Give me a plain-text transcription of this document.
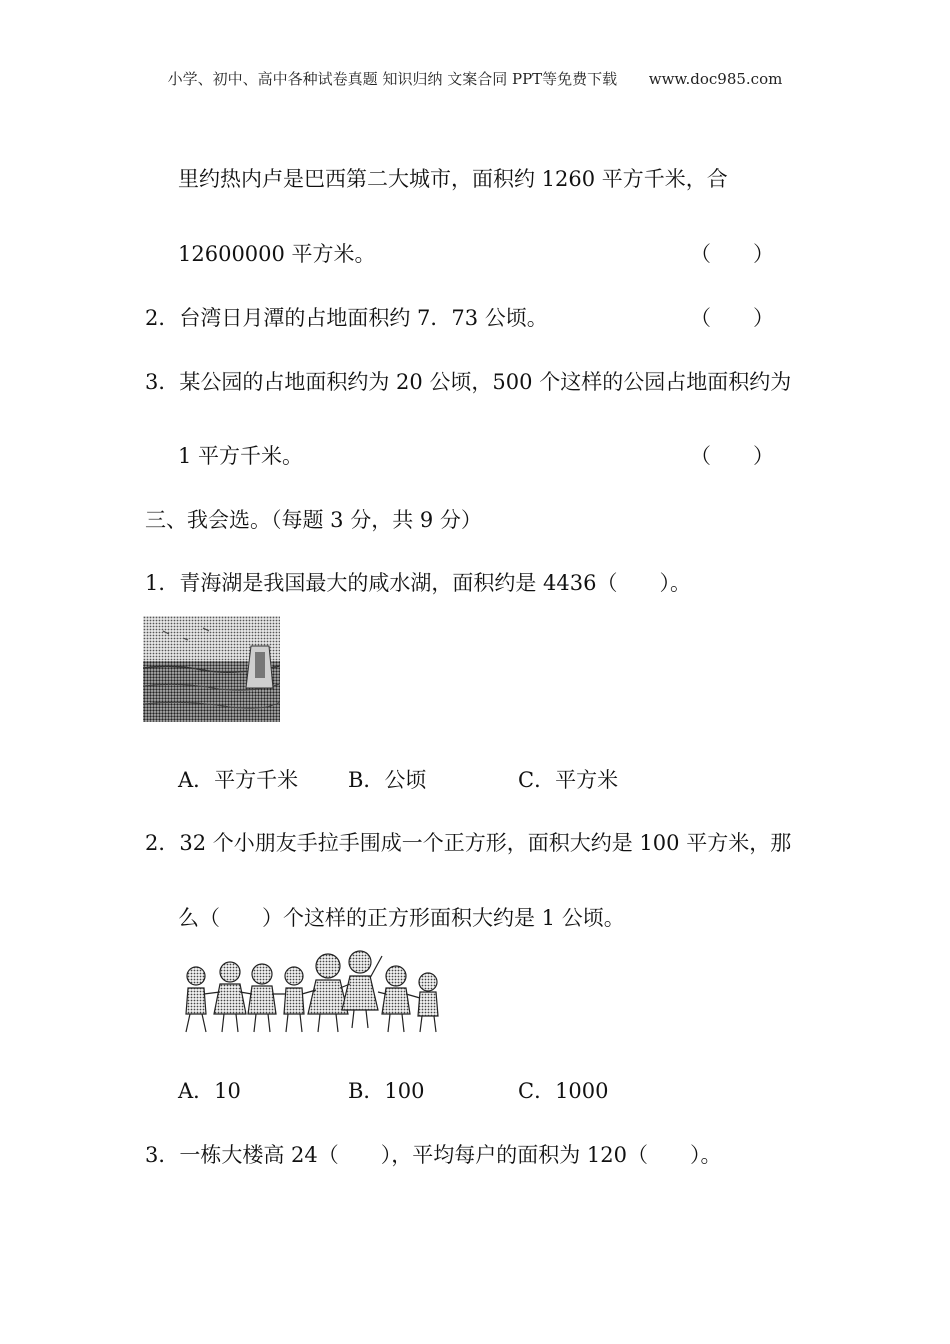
小学、初中、高中各种试卷真题 知识归纳 文案合同 PPT等免费下载 www.doc985.com
里约热内卢是巴西第二大城市，面积约 1260 平方千米，合
12600000 平方米。	（　　）
2．台湾日月潭的占地面积约 7．73 公顷。	（　　）
3．某公园的占地面积约为 20 公顷，500 个这样的公园占地面积约为
1 平方千米。	（　　）
三、我会选。（每题 3 分，共 9 分）
1．青海湖是我国最大的咸水湖，面积约是 4436（　　）。
A．平方千米 B．公顷	C．平方米
2．32 个小朋友手拉手围成一个正方形，面积大约是 100 平方米，那
么（　　）个这样的正方形面积大约是 1 公顷。
A．10	B．100	C．1000
3．一栋大楼高 24（　　），平均每户的面积为 120（　　）。
